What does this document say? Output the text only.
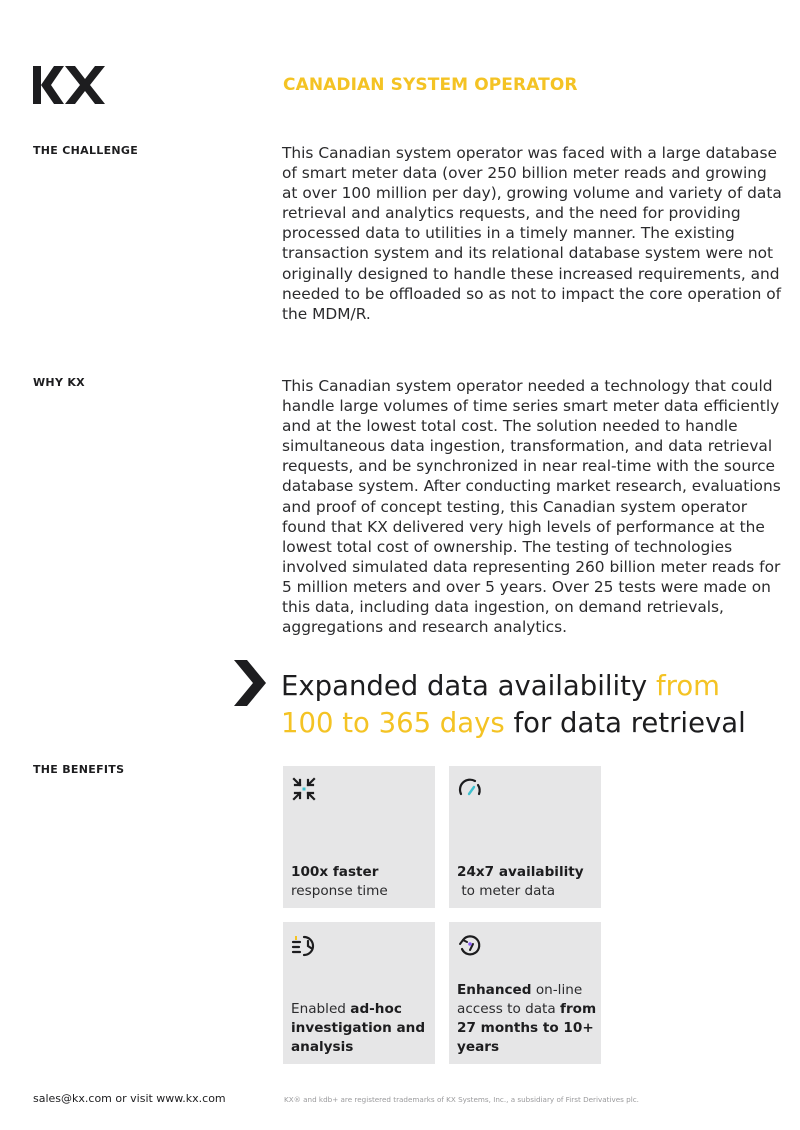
CANADIAN SYSTEM OPERATOR
THE CHALLENGE
WHY KX
THE BENEFITS

This Canadian system operator was faced with a large database of smart meter data (over 250 billion meter reads and growing at over 100 million per day), growing volume and variety of data retrieval and analytics requests, and the need for providing processed data to utilities in a timely manner. The existing transaction system and its relational database system were not originally designed to handle these increased requirements, and needed to be offloaded so as not to impact the core operation of the MDM/R.

This Canadian system operator needed a technology that could handle large volumes of time series smart meter data efficiently and at the lowest total cost. The solution needed to handle simultaneous data ingestion, transformation, and data retrieval requests, and be synchronized in near real-time with the source database system. After conducting market research, evaluations and proof of concept testing, this Canadian system operator found that KX delivered very high levels of performance at the lowest total cost of ownership. The testing of technologies involved simulated data representing 260 billion meter reads for 5 million meters and over 5 years. Over 25 tests were made on this data, including data ingestion, on demand retrievals, aggregations and research analytics.

Expanded data availability from 100 to 365 days for data retrieval
100x faster
response time
24x7 availability
to meter data
Enabled ad-hoc investigation and analysis
Enhanced on-line access to data from 27 months to 10+ years
sales@kx.com or visit www.kx.com	KX® and kdb+ are registered trademarks of KX Systems, Inc., a subsidiary of First Derivatives plc.
